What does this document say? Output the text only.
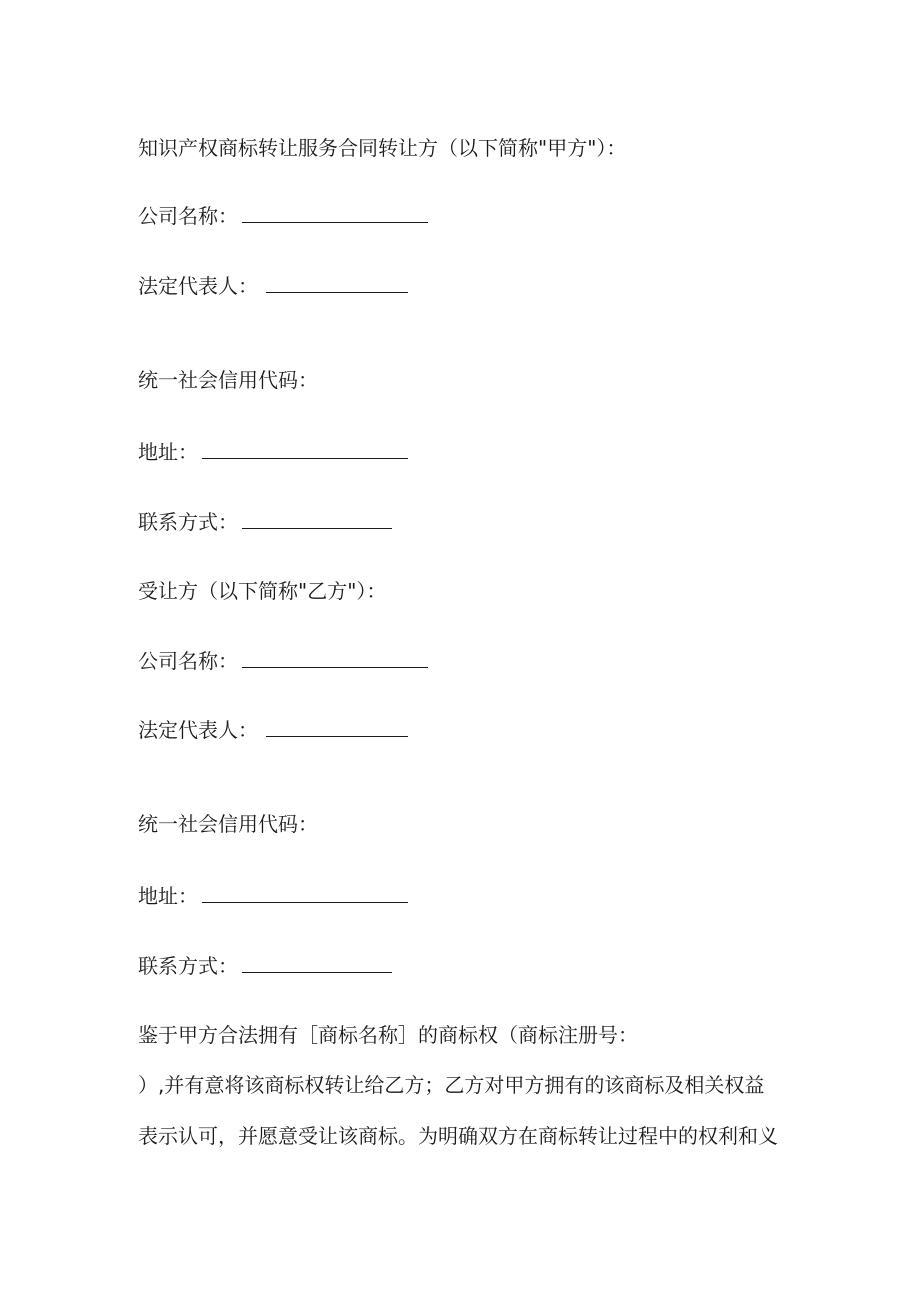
知识产权商标转让服务合同转让方（以下简称"甲方"）：
公司名称：
法定代表人：
统一社会信用代码：
地址：
联系方式：
受让方（以下简称"乙方"）：
公司名称：
法定代表人：
统一社会信用代码：
地址：
联系方式：
鉴于甲方合法拥有［商标名称］的商标权（商标注册号：
）,并有意将该商标权转让给乙方；乙方对甲方拥有的该商标及相关权益
表示认可，并愿意受让该商标。为明确双方在商标转让过程中的权利和义
